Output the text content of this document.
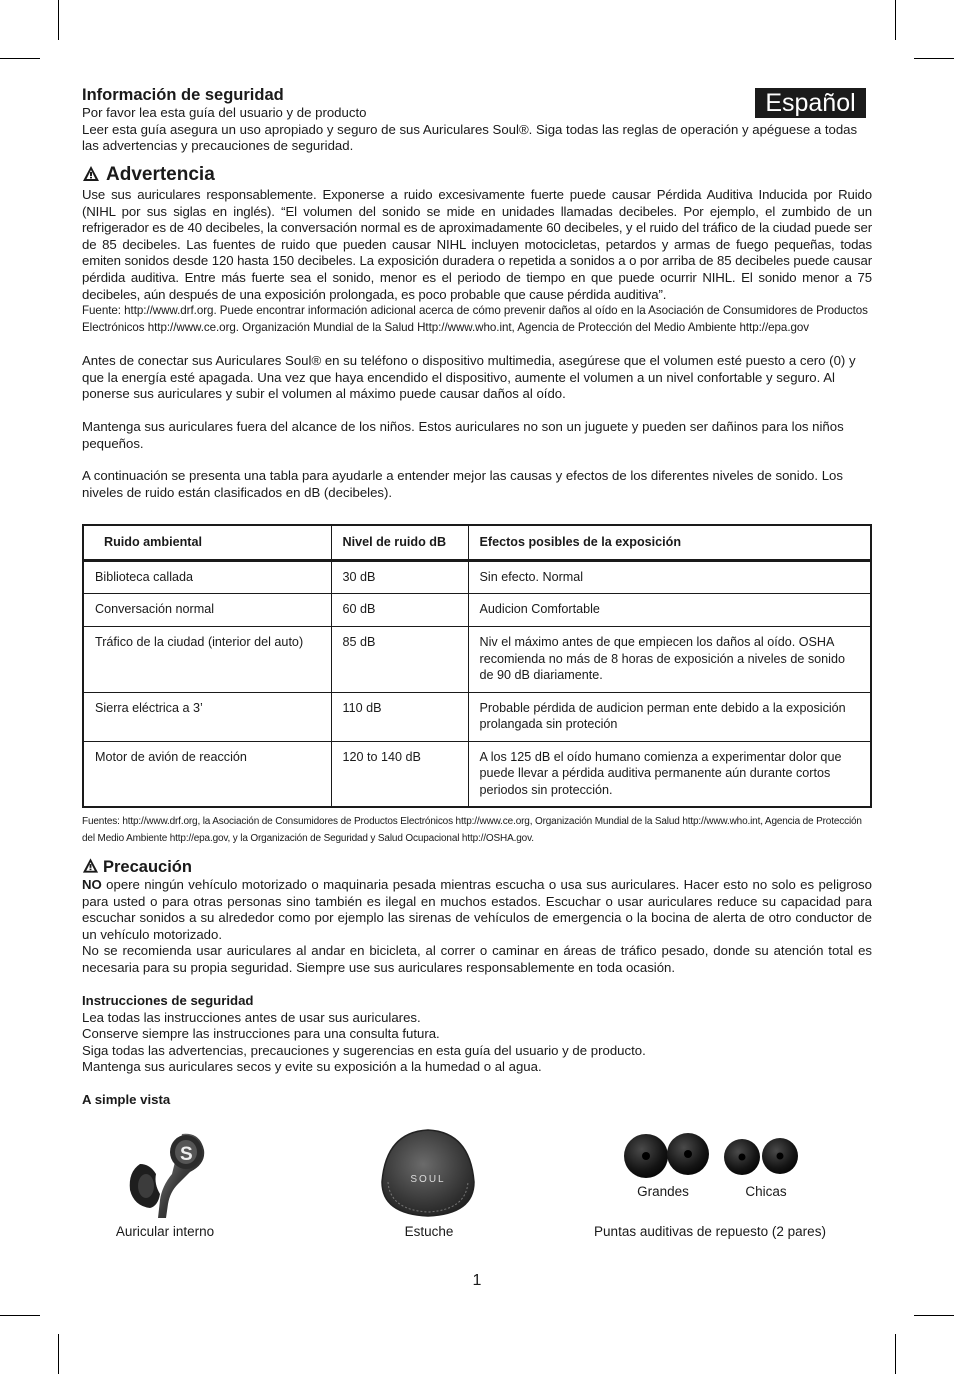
Español

Información de seguridad

Por favor lea esta guía del usuario y de producto

Leer esta guía asegura un uso apropiado y seguro de sus Auriculares Soul®. Siga todas las reglas de operación y apéguese a todas las advertencias y precauciones de seguridad.

Advertencia

Use sus auriculares responsablemente. Exponerse a ruido excesivamente fuerte puede causar Pérdida Auditiva Inducida por Ruido (NIHL por sus siglas en inglés). “El volumen del sonido se mide en unidades llamadas decibeles. Por ejemplo, el zumbido de un refrigerador es de 40 decibeles, la conversación normal es de aproximadamente 60 decibeles, y el ruido del tráfico de la ciudad puede ser de 85 decibeles. Las fuentes de ruido que pueden causar NIHL incluyen motocicletas, petardos y armas de fuego pequeñas, todas emiten sonidos desde 120 hasta 150 decibeles. La exposición duradera o repetida a sonidos a o por arriba de 85 decibeles puede causar pérdida auditiva. Entre más fuerte sea el sonido, menor es el periodo de tiempo en que puede ocurrir NIHL. El sonido menor a 75 decibeles, aún después de una exposición prolongada, es poco probable que cause pérdida auditiva”.

Fuente: http://www.drf.org. Puede encontrar información adicional acerca de cómo prevenir daños al oído en la Asociación de Consumidores de Productos Electrónicos http://www.ce.org. Organización Mundial de la Salud Http://www.who.int, Agencia de Protección del Medio Ambiente http://epa.gov

Antes de conectar sus Auriculares Soul® en su teléfono o dispositivo multimedia, asegúrese que el volumen esté puesto a cero (0) y que la energía esté apagada. Una vez que haya encendido el dispositivo, aumente el volumen a un nivel confortable y seguro. Al ponerse sus auriculares y subir el volumen al máximo puede causar daños al oído.

Mantenga sus auriculares fuera del alcance de los niños. Estos auriculares no son un juguete y pueden ser dañinos para los niños pequeños.

A continuación se presenta una tabla para ayudarle a entender mejor las causas y efectos de los diferentes niveles de sonido. Los niveles de ruido están clasificados en dB (decibeles).

Ruido ambiental	Nivel de ruido dB	Efectos posibles de la exposición
Biblioteca callada	30 dB	Sin efecto. Normal
Conversación normal	60 dB	Audicion Comfortable
Tráfico de la ciudad (interior del auto)	85 dB	Niv el máximo antes de que empiecen los daños al oído. OSHA recomienda no más de 8 horas de exposición a niveles de sonido de 90 dB diariamente.
Sierra eléctrica a 3’	110 dB	Probable pérdida de audicion perman ente debido a la exposición prolangada sin proteción
Motor de avión de reacción	120 to 140 dB	A los 125 dB el oído humano comienza a experimentar dolor que puede llevar a pérdida auditiva permanente aún durante cortos periodos sin protección.

Fuentes: http://www.drf.org, la Asociación de Consumidores de Productos Electrónicos http://www.ce.org, Organización Mundial de la Salud http://www.who.int, Agencia de Protección del Medio Ambiente http://epa.gov, y la Organización de Seguridad y Salud Ocupacional http://OSHA.gov.

Precaución

NO opere ningún vehículo motorizado o maquinaria pesada mientras escucha o usa sus auriculares. Hacer esto no solo es peligroso para usted o para otras personas sino también es ilegal en muchos estados. Escuchar o usar auriculares reduce su capacidad para escuchar sonidos a su alrededor como por ejemplo las sirenas de vehículos de emergencia o la bocina de alerta de otro conductor de un vehículo motorizado.

No se recomienda usar auriculares al andar en bicicleta, al correr o caminar en áreas de tráfico pesado, donde su atención total es necesaria para su propia seguridad. Siempre use sus auriculares responsablemente en toda ocasión.

Instrucciones de seguridad

Lea todas las instrucciones antes de usar sus auriculares.

Conserve siempre las instrucciones para una consulta futura.

Siga todas las advertencias, precauciones y sugerencias en esta guía del usuario y de producto.

Mantenga sus auriculares secos y evite su exposición a la humedad o al agua.

A simple vista

S
SOUL
Grandes	Chicas
Auricular interno	Estuche	Puntas auditivas de repuesto (2 pares)
1
